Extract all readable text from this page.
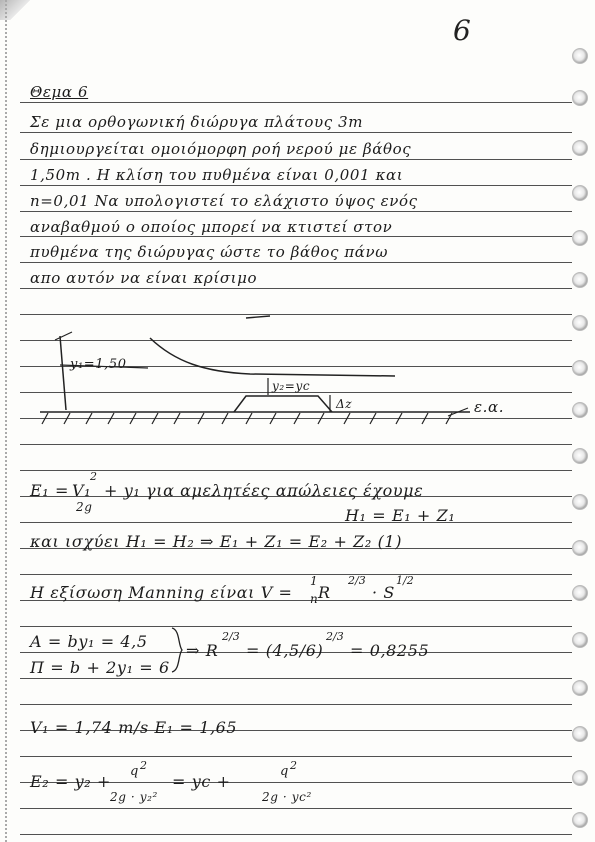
6
Θεμα 6
Σε μια ορθογωνική διώρυγα πλάτους 3m
δημιουργείται ομοιόμορφη ροή νερού με βάθος
1,50m . Η κλίση του πυθμένα είναι 0,001 και
n=0,01 Να υπολογιστεί το ελάχιστο ύψος ενός
αναβαθμού ο οποίος μπορεί να κτιστεί στον
πυθμένα της διώρυγας ώστε το βάθος πάνω
απο αυτόν να είναι κρίσιμο
y₁=1,50
y₂=yc
Δz	ε.α.
E₁ = V₁
2
2g
+ y₁ για αμελητέες απώλειες έχουμε
H₁ = E₁ + Z₁
και ισχύει H₁ = H₂ ⇒ E₁ + Z₁ = E₂ + Z₂ (1)
Η εξίσωση Manning είναι V =
1
n R
2/3
· S
1/2
A = by₁ = 4,5
Π = b + 2y₁ = 6
⇒ R
2/3
= (4,5/6)
2/3
= 0,8255
V₁ = 1,74 m/s E₁ = 1,65
E₂ = y₂ +
q 2
2g · y₂²
= yc +
q 2
2g · yc²
